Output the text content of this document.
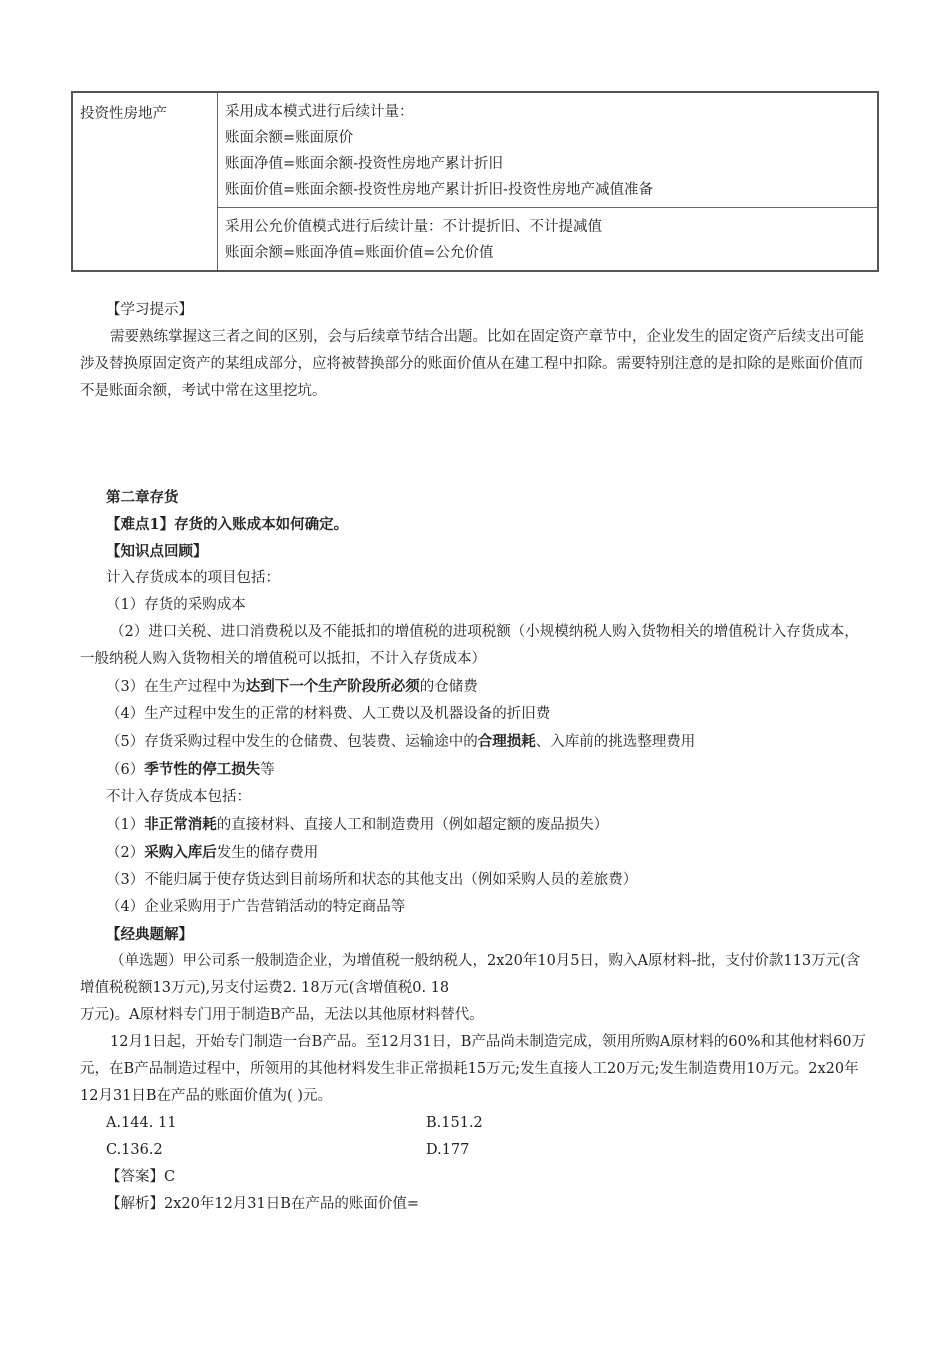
投资性房地产	采用成本模式进行后续计量：
账面余额=账面原价
账面净值=账面余额-投资性房地产累计折旧
账面价值=账面余额-投资性房地产累计折旧-投资性房地产减值准备

采用公允价值模式进行后续计量：不计提折旧、不计提减值
账面余额=账面净值=账面价值=公允价值

【学习提示】

需要熟练掌握这三者之间的区别，会与后续章节结合出题。比如在固定资产章节中，企业发生的固定资产后续支出可能涉及替换原固定资产的某组成部分，应将被替换部分的账面价值从在建工程中扣除。需要特别注意的是扣除的是账面价值而不是账面余额，考试中常在这里挖坑。

第二章存货

【难点1】存货的入账成本如何确定。

【知识点回顾】

计入存货成本的项目包括：

（1）存货的采购成本

（2）进口关税、进口消费税以及不能抵扣的增值税的进项税额（小规模纳税人购入货物相关的增值税计入存货成本，一般纳税人购入货物相关的增值税可以抵扣，不计入存货成本）

（3）在生产过程中为达到下一个生产阶段所必须的仓储费

（4）生产过程中发生的正常的材料费、人工费以及机器设备的折旧费

（5）存货采购过程中发生的仓储费、包装费、运输途中的合理损耗、入库前的挑选整理费用

（6）季节性的停工损失等

不计入存货成本包括：

（1）非正常消耗的直接材料、直接人工和制造费用（例如超定额的废品损失）

（2）采购入库后发生的储存费用

（3）不能归属于使存货达到目前场所和状态的其他支出（例如采购人员的差旅费）

（4）企业采购用于广告营销活动的特定商品等

【经典题解】

（单选题）甲公司系一般制造企业，为增值税一般纳税人，2x20年10月5日，购入A原材料-批，支付价款113万元(含增值税税额13万元),另支付运费2. 18万元(含增值税0. 18

万元)。A原材料专门用于制造B产品，无法以其他原材料替代。

12月1日起，开始专门制造一台B产品。至12月31日，B产品尚未制造完成，领用所购A原材料的60%和其他材料60万元，在B产品制造过程中，所领用的其他材料发生非正常损耗15万元;发生直接人工20万元;发生制造费用10万元。2x20年12月31日B在产品的账面价值为( )元。

A.144. 11	B.151.2

C.136.2	D.177

【答案】C

【解析】2x20年12月31日B在产品的账面价值=
